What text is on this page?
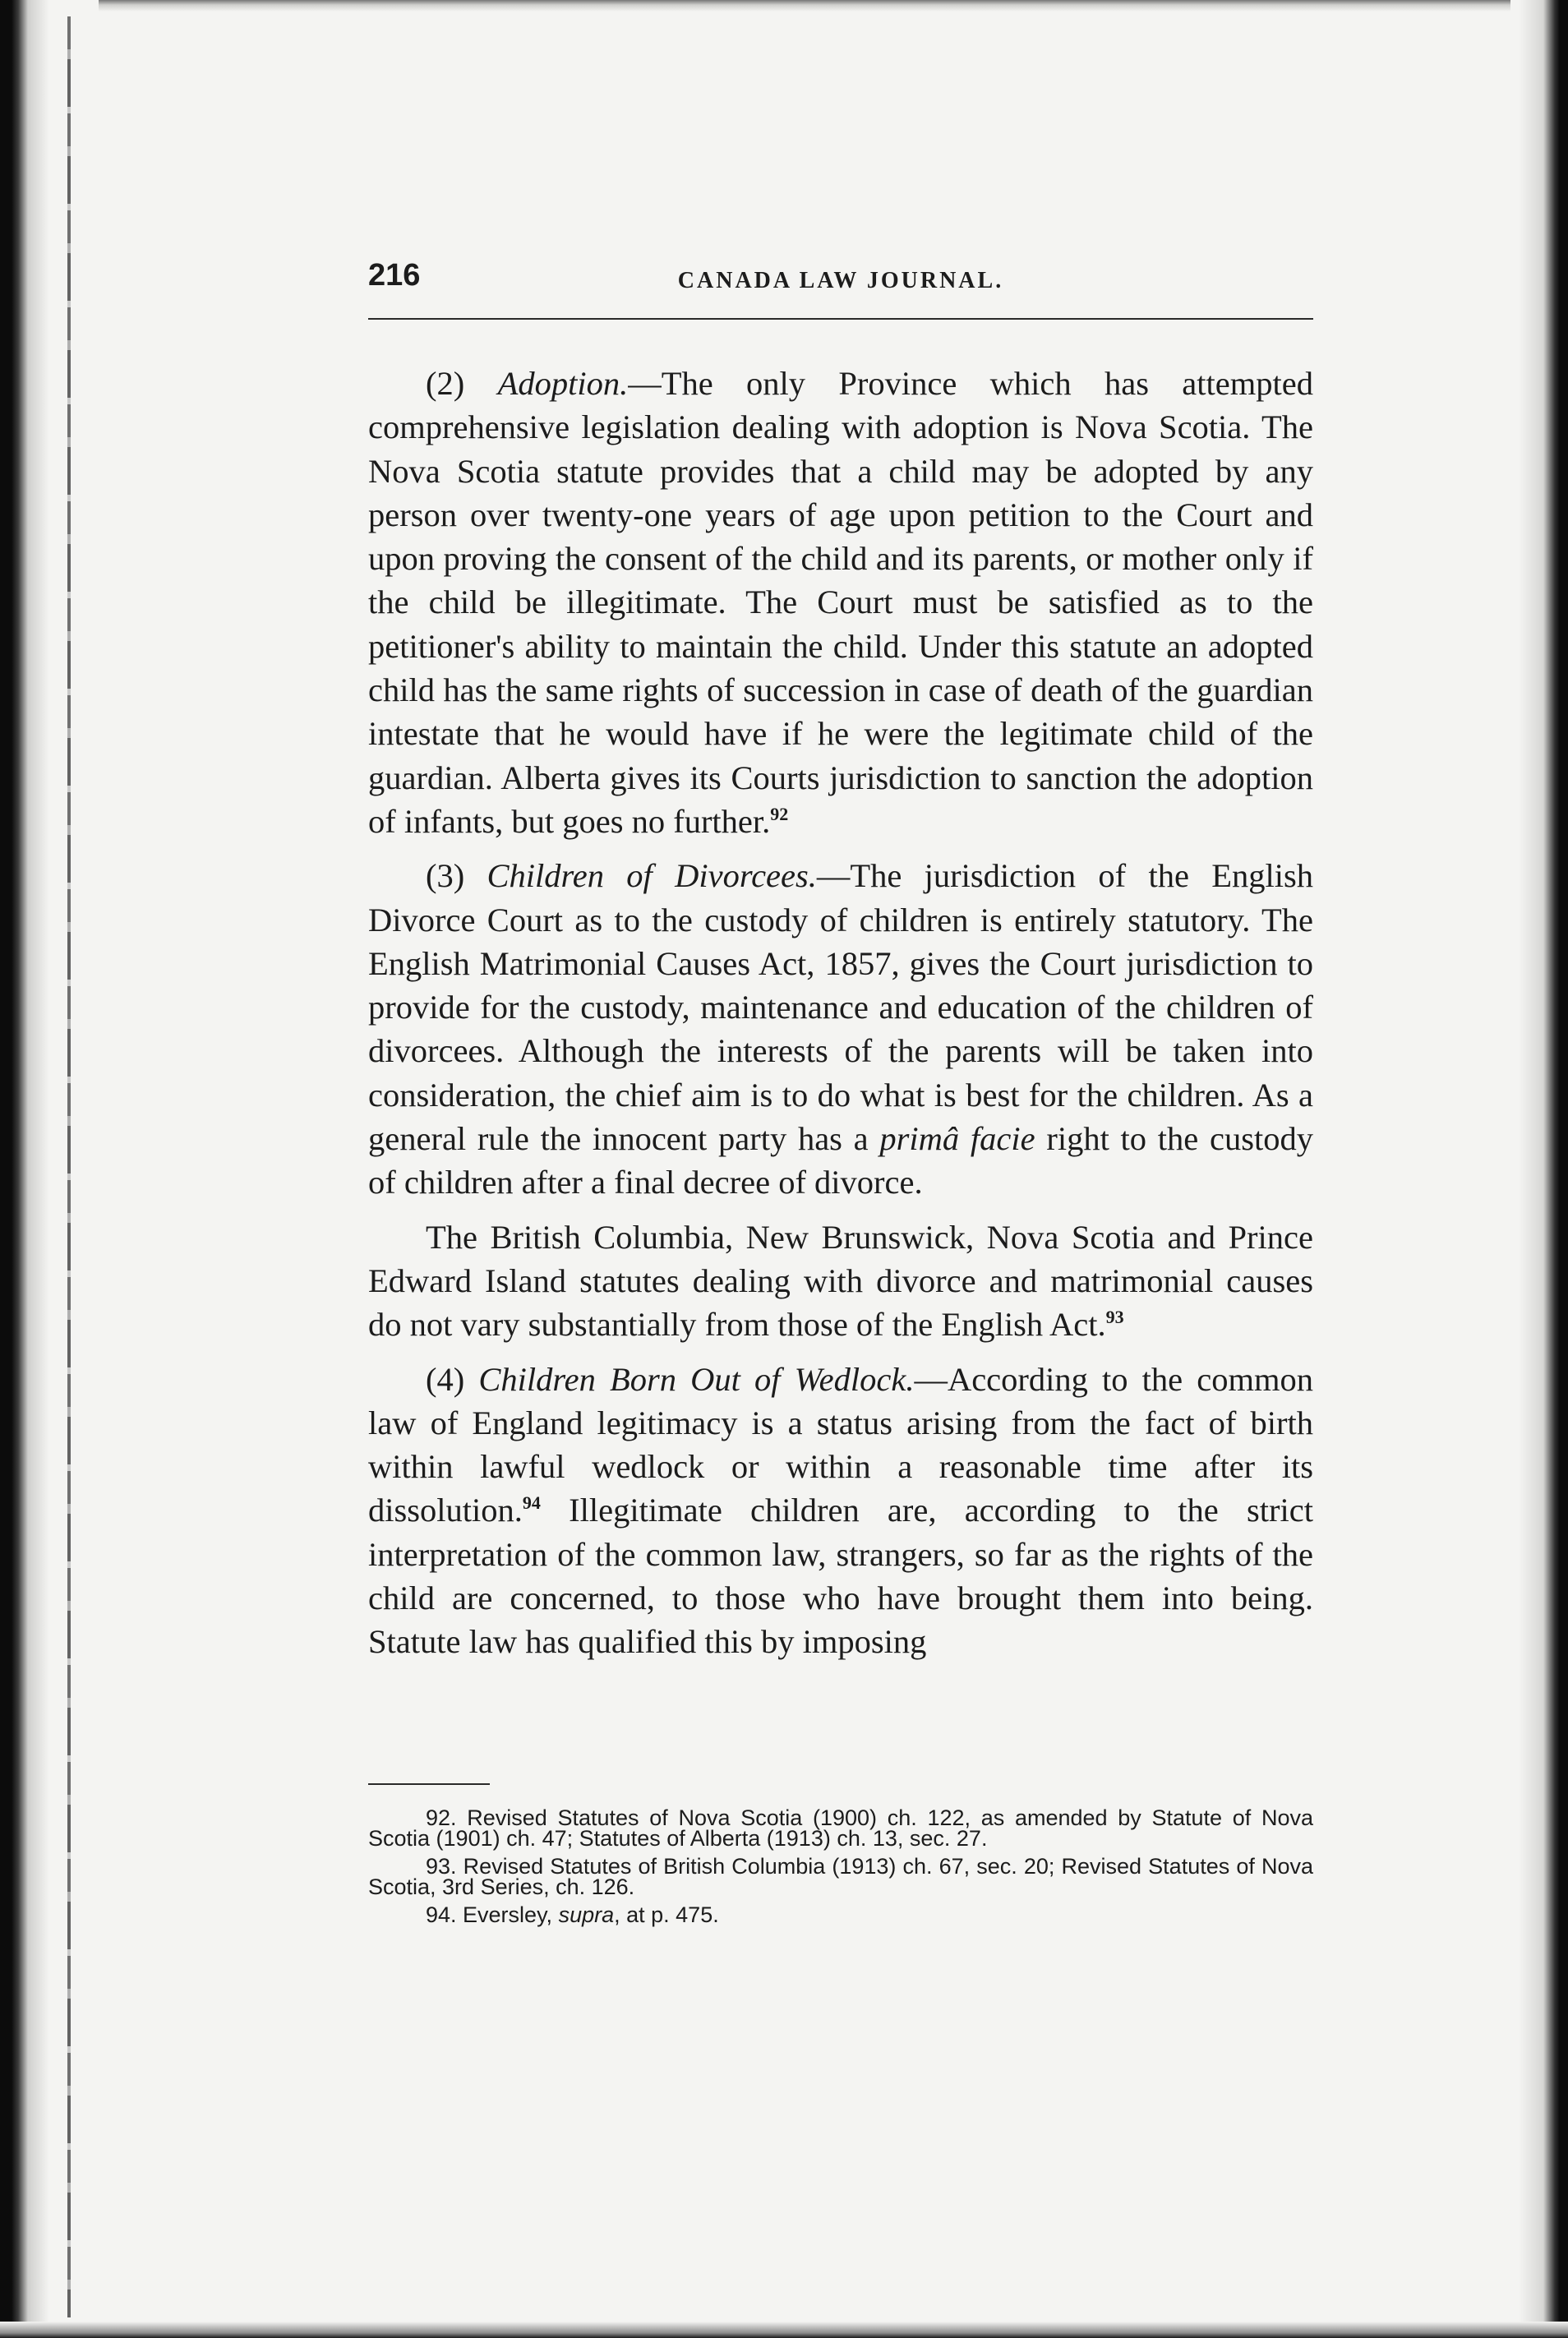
216	CANADA LAW JOURNAL.

(2) Adoption.—The only Province which has attempted comprehensive legislation dealing with adoption is Nova Scotia. The Nova Scotia statute provides that a child may be adopted by any person over twenty-one years of age upon petition to the Court and upon proving the consent of the child and its parents, or mother only if the child be illegitimate. The Court must be satisfied as to the petitioner's ability to maintain the child. Under this statute an adopted child has the same rights of succession in case of death of the guardian intestate that he would have if he were the legitimate child of the guardian. Alberta gives its Courts jurisdiction to sanction the adoption of infants, but goes no further.$^{92}$

(3) Children of Divorcees.—The jurisdiction of the English Divorce Court as to the custody of children is entirely statutory. The English Matrimonial Causes Act, 1857, gives the Court jurisdiction to provide for the custody, maintenance and education of the children of divorcees. Although the interests of the parents will be taken into consideration, the chief aim is to do what is best for the children. As a general rule the innocent party has a primâ facie right to the custody of children after a final decree of divorce.

The British Columbia, New Brunswick, Nova Scotia and Prince Edward Island statutes dealing with divorce and matrimonial causes do not vary substantially from those of the English Act.$^{93}$

(4) Children Born Out of Wedlock.—According to the common law of England legitimacy is a status arising from the fact of birth within lawful wedlock or within a reasonable time after its dissolution.$^{94}$ Illegitimate children are, according to the strict interpretation of the common law, strangers, so far as the rights of the child are concerned, to those who have brought them into being. Statute law has qualified this by imposing

92. Revised Statutes of Nova Scotia (1900) ch. 122, as amended by Statute of Nova Scotia (1901) ch. 47; Statutes of Alberta (1913) ch. 13, sec. 27.

93. Revised Statutes of British Columbia (1913) ch. 67, sec. 20; Revised Statutes of Nova Scotia, 3rd Series, ch. 126.

94. Eversley, supra, at p. 475.
